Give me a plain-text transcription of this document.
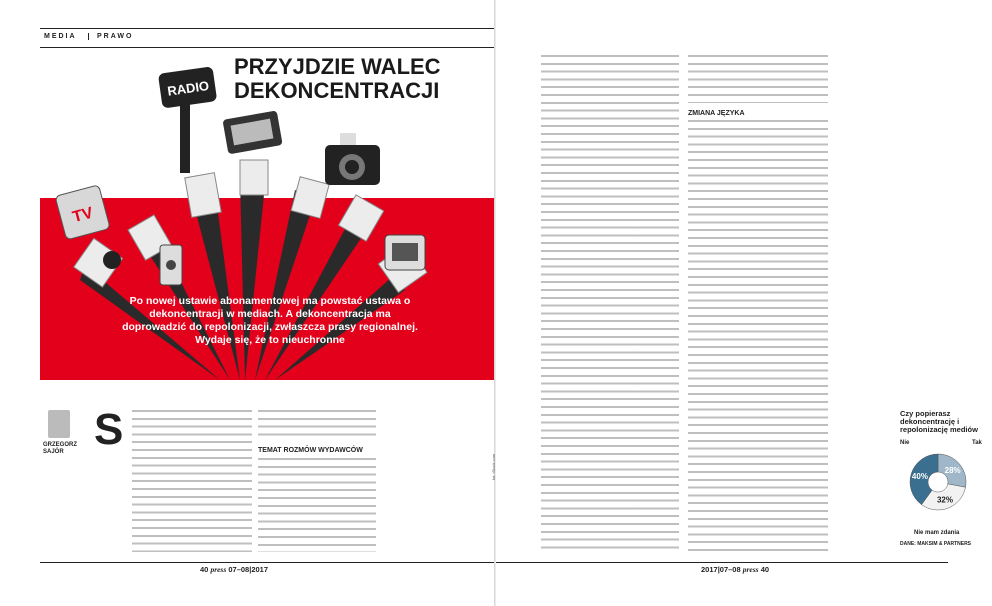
MEDIA	PRAWO
PRZYJDZIE WALEC
DEKONCENTRACJI
RADIO
TV
Po nowej ustawie abonamentowej ma powstać ustawa o dekoncentracji w mediach. A dekoncentracja ma doprowadzić do repolonizacji, zwłaszcza prasy regionalnej. Wydaje się, że to nieuchronne
GRZEGORZ
SAJÓR S	TEMAT ROZMÓW WYDAWCÓW
40 press 07–08|2017
fot. iStock.com
ZMIANA JĘZYKA
2017|07–08 press 40
Czy popierasz dekoncentrację i repolonizację mediów
Nie	Tak
28%
32%
40%
Nie mam zdania
DANE: MAKSIM & PARTNERS
